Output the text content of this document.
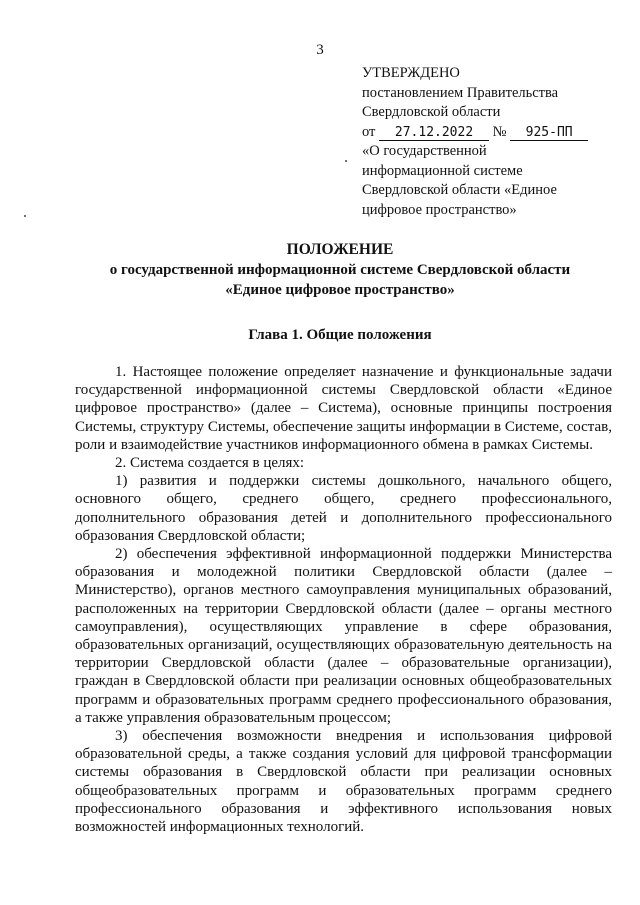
3
УТВЕРЖДЕНО
постановлением Правительства
Свердловской области
от 27.12.2022 № 925-ПП
«О государственной
информационной системе
Свердловской области «Единое
цифровое пространство»
ПОЛОЖЕНИЕ
о государственной информационной системе Свердловской области
«Единое цифровое пространство»
Глава 1. Общие положения

1. Настоящее положение определяет назначение и функциональные задачи государственной информационной системы Свердловской области «Единое цифровое пространство» (далее – Система), основные принципы построения Системы, структуру Системы, обеспечение защиты информации в Системе, состав, роли и взаимодействие участников информационного обмена в рамках Системы.

2. Система создается в целях:

1) развития и поддержки системы дошкольного, начального общего, основного общего, среднего общего, среднего профессионального, дополнительного образования детей и дополнительного профессионального образования Свердловской области;

2) обеспечения эффективной информационной поддержки Министерства образования и молодежной политики Свердловской области (далее – Министерство), органов местного самоуправления муниципальных образований, расположенных на территории Свердловской области (далее – органы местного самоуправления), осуществляющих управление в сфере образования, образовательных организаций, осуществляющих образовательную деятельность на территории Свердловской области (далее – образовательные организации), граждан в Свердловской области при реализации основных общеобразовательных программ и образовательных программ среднего профессионального образования, а также управления образовательным процессом;

3) обеспечения возможности внедрения и использования цифровой образовательной среды, а также создания условий для цифровой трансформации системы образования в Свердловской области при реализации основных общеобразовательных программ и образовательных программ среднего профессионального образования и эффективного использования новых возможностей информационных технологий.
